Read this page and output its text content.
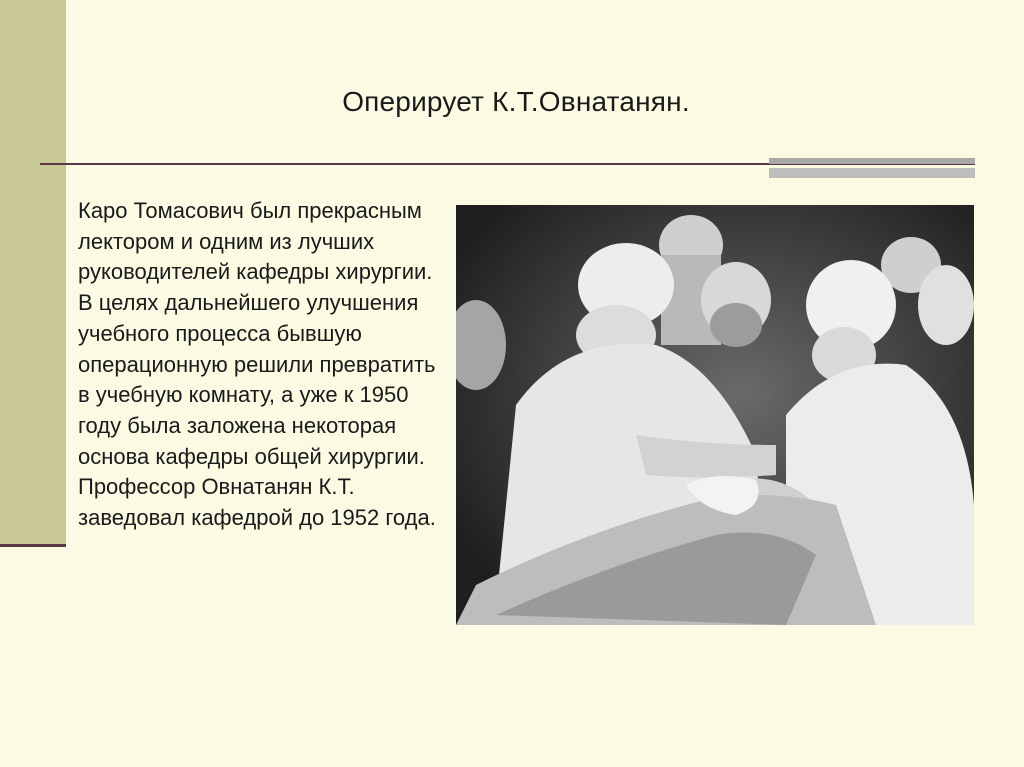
Оперирует К.Т.Овнатанян.

Каро Томасович был прекрасным лектором и одним из лучших руководителей кафедры хирургии. В целях дальнейшего улучшения учебного процесса бывшую операционную решили превратить в учебную комнату, а уже к 1950 году была заложена некоторая основа кафедры общей хирургии.

Профессор Овнатанян К.Т. заведовал кафедрой до 1952 года.
